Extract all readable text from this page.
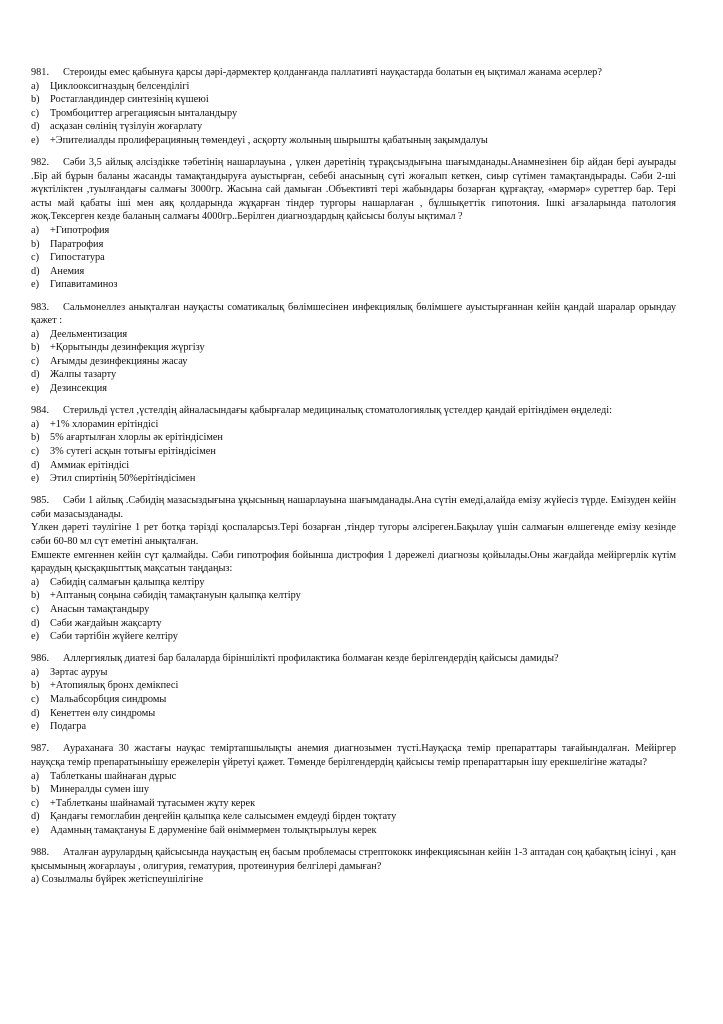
981. Стероиды емес қабынуға қарсы дәрі-дәрмектер қолданғанда паллативті науқастарда болатын ең ықтимал жанама әсерлер?
a)	Циклооксигназдың белсенділігі
b)	Ростагландиндер синтезінің күшеюі
c)	Тромбоциттер агрегациясын ынталандыру
d)	асқазан сөлінің түзілуін жоғарлату
e)	+Эпителиалды пролиферацияның төмендеуі , асқорту жолының шырышты қабатының зақымдалуы
982. Сәби 3,5 айлық әлсіздікке тәбетінің нашарлауына , үлкен дәретінің тұрақсыздығына шағымданады.Анамнезінен бір айдан бері ауырады .Бір ай бұрын баланы жасанды тамақтандыруға ауыстырған, себебі анасының сүті жоғалып кеткен, сиыр сүтімен тамақтандырады. Сәби 2-ші жүктіліктен ,туылғандағы салмағы 3000гр. Жасына сай дамыған .Объективті тері жабындары бозарған құрғақтау, «мәрмәр» суреттер бар. Тері асты май қабаты іші мен аяқ қолдарында жұқарған тіндер тургоры нашарлаған , бұлшықеттік гипотония. Ішкі ағзаларында патология жоқ.Тексерген кезде баланың салмағы 4000гр..Берілген диагноздардың қайсысы болуы ықтимал ?
a)	+Гипотрофия
b)	Паратрофия
c)	Гипостатура
d)	Анемия
e)	Гипавитаминоз
983. Сальмонеллез анықталған науқасты соматикалық бөлімшесінен инфекциялық бөлімшеге ауыстырғаннан кейін қандай шаралар орындау қажет :
a)	Деельментизация
b)	+Қорытынды дезинфекция жүргізу
c)	Ағымды дезинфекцияны жасау
d)	Жалпы тазарту
e)	Дезинсекция
984. Стерильді үстел ,үстелдің айналасындағы қабырғалар медициналық стоматологиялық үстелдер қандай ерітіндімен өңделеді:
a)	+1% хлорамин ерітіндісі
b)	5% ағартылған хлорлы әк ерітіндісімен
c)	3% сутегі асқын тотығы ерітіндісімен
d)	Аммиак ерітіндісі
e)	Этил спиртінің 50%ерітіндісімен
985. Сәби 1 айлық .Сәбидің мазасыздығына ұқысының нашарлауына шағымданады.Ана сүтін емеді,алайда емізу жүйесіз түрде. Емізуден кейін сәби мазасызданады.
Үлкен дәреті тәулігіне 1 рет ботқа тәрізді қоспаларсыз.Тері бозарған ,тіндер тугоры әлсіреген.Бақылау үшін салмағын өлшегенде емізу кезінде сәби 60-80 мл сүт еметіні анықталған.
Емшекте емгеннен кейін сүт қалмайды. Сәби гипотрофия бойынша дистрофия 1 дәрежелі диагнозы қойылады.Оны жағдайда мейіргерлік күтім қараудың қысқақшыттық мақсатын таңдаңыз:
a)	Сәбидің салмағын қалыпқа келтіру
b)	+Аптаның соңына сәбидің тамақтануын қалыпқа келтіру
c)	Анасын тамақтандыру
d)	Сәби жағдайын жақсарту
e)	Сәби тәртібін жүйеге келтіру
986. Аллергиялық диатезі бар балаларда біріншілікті профилактика болмаған кезде берілгендердің қайсысы дамиды?
a)	Зәртас ауруы
b)	+Атопиялық бронх демікпесі
c)	Мальабсорбция синдромы
d)	Кенеттен өлу синдромы
e)	Подагра
987. Аураханаға 30 жастағы науқас теміртапшылықты анемия диагнозымен түсті.Науқасқа темір препараттары тағайындалған. Мейіргер науқсқа темір препаратыныішу ережелерін үйретуі қажет. Төменде берілгендердің қайсысы темір препараттарын ішу ерекшелігіне жатады?
a)	Таблетканы шайнаған дұрыс
b)	Минералды сумен ішу
c)	+Таблетканы шайнамай тұтасымен жұту керек
d)	Қандағы гемоглабин деңгейін қалыпқа келе салысымен емдеуді бірден тоқтату
e)	Адамның тамақтануы Е дәруменіне бай өніммермен толықтырылуы керек
988. Аталған аурулардың қайсысында науқастың ең басым проблемасы стрептококк инфекциясынан кейін 1-3 аптадан соң қабақтың ісінуі , қан қысымының жоғарлауы , олигурия, гематурия, протеинурия белгілері дамыған?
a) Созылмалы бүйрек жетіспеушілігіне
